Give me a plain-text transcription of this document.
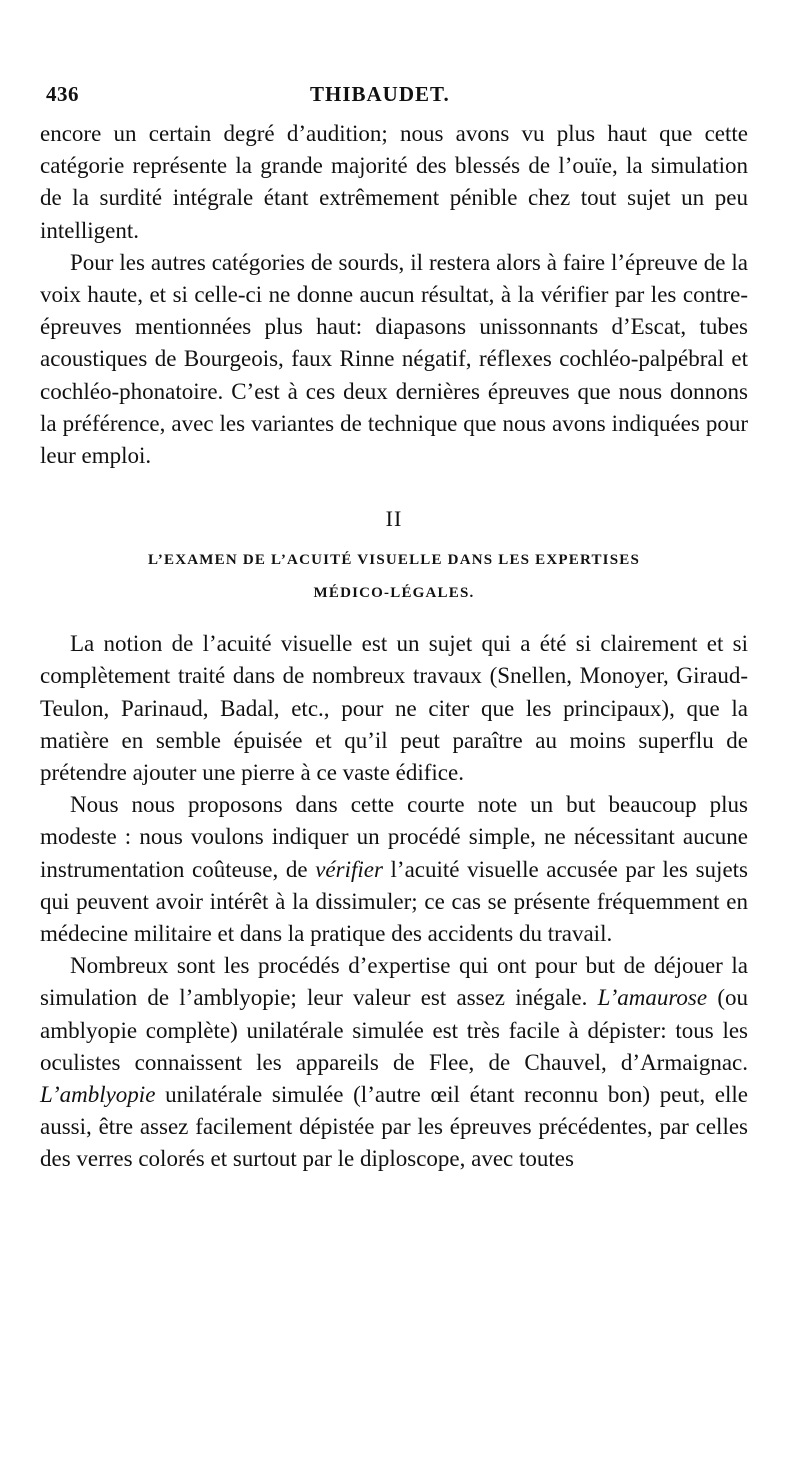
436	THIBAUDET.

encore un certain degré d’audition; nous avons vu plus haut que cette catégorie représente la grande majorité des blessés de l’ouïe, la simulation de la surdité intégrale étant extrêmement pénible chez tout sujet un peu intelligent.

Pour les autres catégories de sourds, il restera alors à faire l’épreuve de la voix haute, et si celle-ci ne donne aucun résultat, à la vérifier par les contre-épreuves mentionnées plus haut: diapasons unissonnants d’Escat, tubes acoustiques de Bourgeois, faux Rinne négatif, réflexes cochléo-palpébral et cochléo-phonatoire. C’est à ces deux dernières épreuves que nous donnons la préférence, avec les variantes de technique que nous avons indiquées pour leur emploi.

II
L’EXAMEN DE L’ACUITÉ VISUELLE DANS LES EXPERTISES
MÉDICO-LÉGALES.

La notion de l’acuité visuelle est un sujet qui a été si clairement et si complètement traité dans de nombreux travaux (Snellen, Monoyer, Giraud-Teulon, Parinaud, Badal, etc., pour ne citer que les principaux), que la matière en semble épuisée et qu’il peut paraître au moins superflu de prétendre ajouter une pierre à ce vaste édifice.

Nous nous proposons dans cette courte note un but beaucoup plus modeste : nous voulons indiquer un procédé simple, ne nécessitant aucune instrumentation coûteuse, de vérifier l’acuité visuelle accusée par les sujets qui peuvent avoir intérêt à la dissimuler; ce cas se présente fréquemment en médecine militaire et dans la pratique des accidents du travail.

Nombreux sont les procédés d’expertise qui ont pour but de déjouer la simulation de l’amblyopie; leur valeur est assez inégale. L’amaurose (ou amblyopie complète) unilatérale simulée est très facile à dépister: tous les oculistes connaissent les appareils de Flee, de Chauvel, d’Armaignac. L’amblyopie unilatérale simulée (l’autre œil étant reconnu bon) peut, elle aussi, être assez facilement dépistée par les épreuves précédentes, par celles des verres colorés et surtout par le diploscope, avec toutes
